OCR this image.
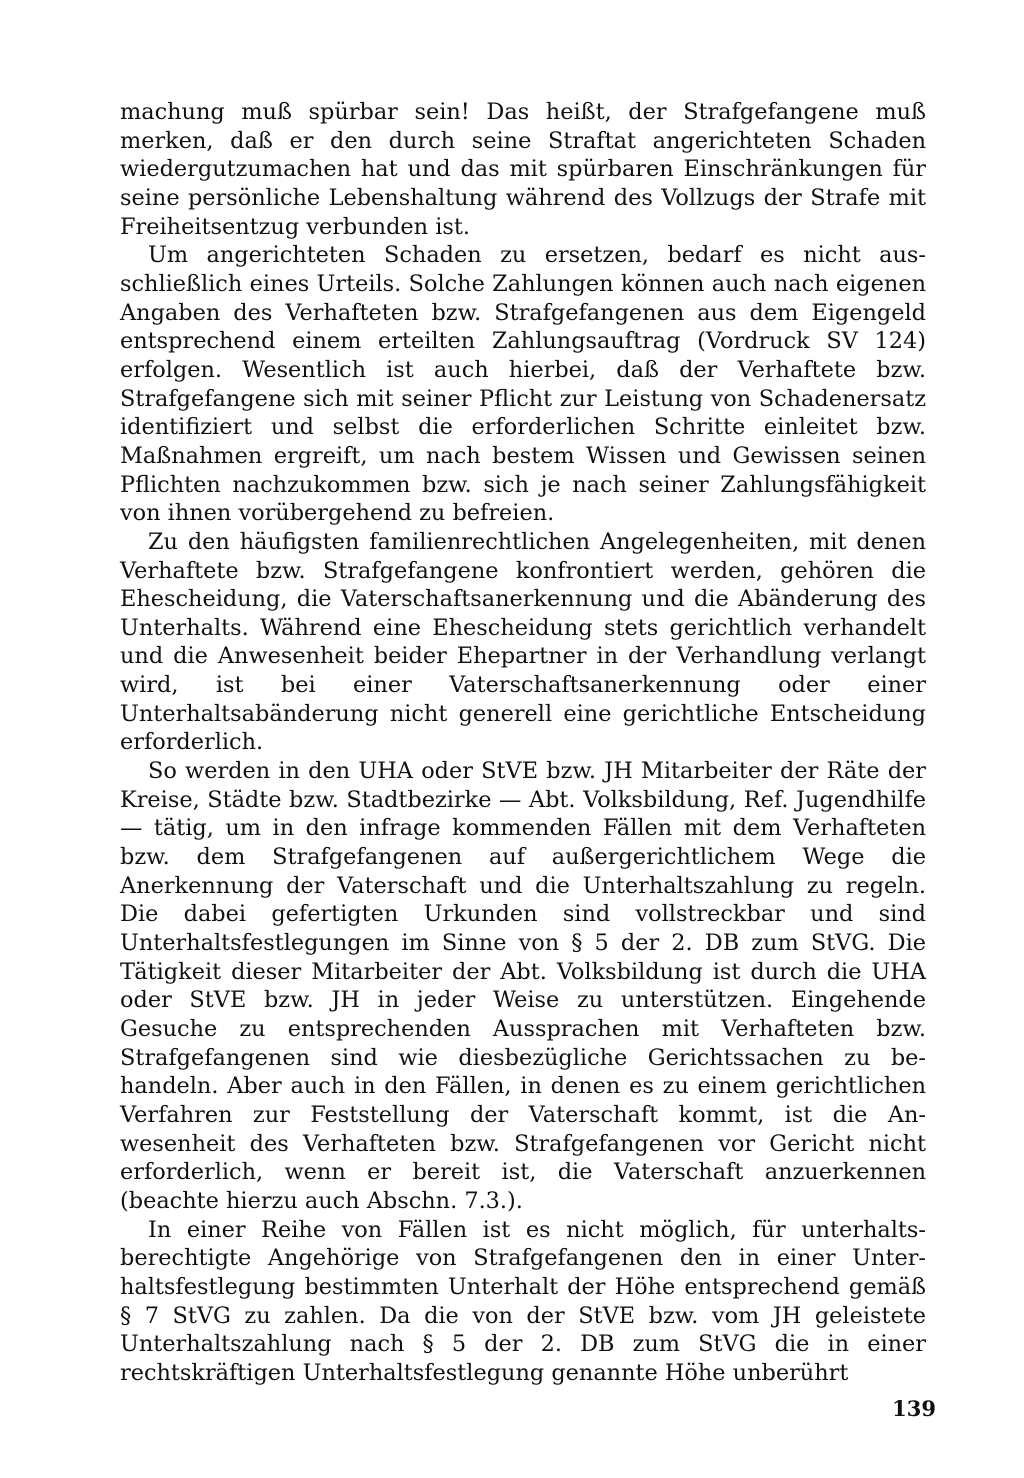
machung muß spürbar sein! Das heißt, der Strafgefangene muß merken, daß er den durch seine Straftat angerichteten Schaden wiedergutzumachen hat und das mit spürbaren Einschränkungen für seine persönliche Lebenshaltung während des Vollzugs der Strafe mit Freiheitsentzug verbunden ist.

Um angerichteten Schaden zu ersetzen, bedarf es nicht ausschließlich eines Urteils. Solche Zahlungen können auch nach eigenen Angaben des Verhafteten bzw. Strafgefangenen aus dem Eigengeld entsprechend einem erteilten Zahlungsauftrag (Vordruck SV 124) erfolgen. Wesentlich ist auch hierbei, daß der Verhaftete bzw. Strafgefangene sich mit seiner Pflicht zur Leistung von Schadenersatz identifiziert und selbst die erforderlichen Schritte einleitet bzw. Maßnahmen ergreift, um nach bestem Wissen und Gewissen seinen Pflichten nachzukommen bzw. sich je nach seiner Zahlungsfähigkeit von ihnen vorübergehend zu befreien.

Zu den häufigsten familienrechtlichen Angelegenheiten, mit denen Verhaftete bzw. Strafgefangene konfrontiert werden, gehören die Ehescheidung, die Vaterschaftsanerkennung und die Abänderung des Unterhalts. Während eine Ehescheidung stets gerichtlich verhandelt und die Anwesenheit beider Ehepartner in der Verhandlung verlangt wird, ist bei einer Vaterschaftsanerkennung oder einer Unterhaltsabänderung nicht generell eine gerichtliche Entscheidung erforderlich.

So werden in den UHA oder StVE bzw. JH Mitarbeiter der Räte der Kreise, Städte bzw. Stadtbezirke — Abt. Volksbildung, Ref. Jugendhilfe — tätig, um in den infrage kommenden Fällen mit dem Verhafteten bzw. dem Strafgefangenen auf außergerichtlichem Wege die Anerkennung der Vaterschaft und die Unterhaltszahlung zu regeln. Die dabei gefertigten Urkunden sind vollstreckbar und sind Unterhaltsfestlegungen im Sinne von § 5 der 2. DB zum StVG. Die Tätigkeit dieser Mitarbeiter der Abt. Volksbildung ist durch die UHA oder StVE bzw. JH in jeder Weise zu unterstützen. Eingehende Gesuche zu entsprechenden Aussprachen mit Verhafteten bzw. Strafgefangenen sind wie diesbezügliche Gerichtssachen zu behandeln. Aber auch in den Fällen, in denen es zu einem gerichtlichen Verfahren zur Feststellung der Vaterschaft kommt, ist die Anwesenheit des Verhafteten bzw. Strafgefangenen vor Gericht nicht erforderlich, wenn er bereit ist, die Vaterschaft anzuerkennen (beachte hierzu auch Abschn. 7.3.).

In einer Reihe von Fällen ist es nicht möglich, für unterhaltsberechtigte Angehörige von Strafgefangenen den in einer Unterhaltsfestlegung bestimmten Unterhalt der Höhe entsprechend gemäß § 7 StVG zu zahlen. Da die von der StVE bzw. vom JH geleistete Unterhaltszahlung nach § 5 der 2. DB zum StVG die in einer rechtskräftigen Unterhaltsfestlegung genannte Höhe unberührt

139
